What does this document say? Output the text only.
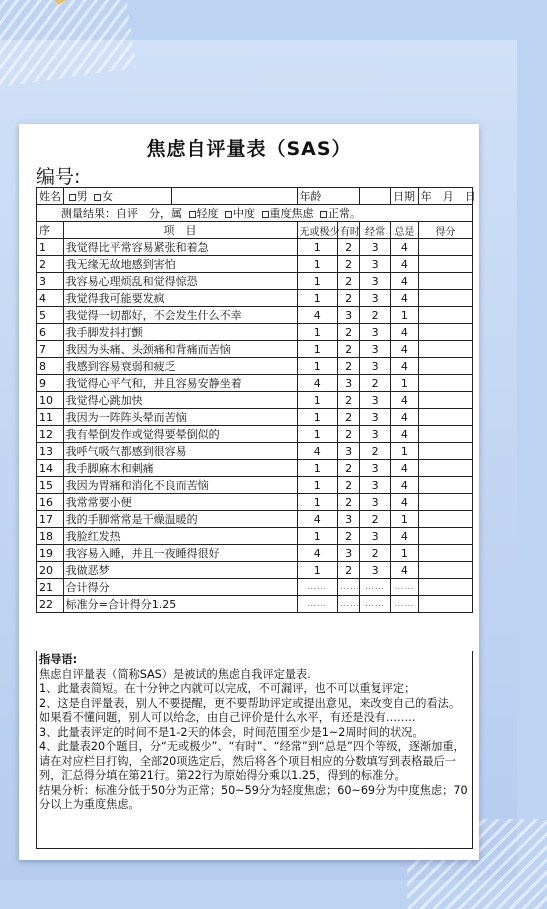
焦虑自评量表（SAS）
编号:
姓名	男 女		年龄			日期	年　 月　 日
测量结果：自评　分，属 轻度 中度 重度焦虑 正常。							
序	项　目		无或极少	有时	经常	总是	得分
1	我觉得比平常容易紧张和着急		1	2	3	4	
2	我无缘无故地感到害怕		1	2	3	4	
3	我容易心理烦乱和觉得惊恐		1	2	3	4	
4	我觉得我可能要发疯		1	2	3	4	
5	我觉得一切都好，不会发生什么不幸		4	3	2	1	
6	我手脚发抖打颤		1	2	3	4	
7	我因为头痛、头颈痛和背痛而苦恼		1	2	3	4	
8	我感到容易衰弱和疲乏		1	2	3	4	
9	我觉得心平气和，并且容易安静坐着		4	3	2	1	
10	我觉得心跳加快		1	2	3	4	
11	我因为一阵阵头晕而苦恼		1	2	3	4	
12	我有晕倒发作或觉得要晕倒似的		1	2	3	4	
13	我呼气吸气都感到很容易		4	3	2	1	
14	我手脚麻木和刺痛		1	2	3	4	
15	我因为胃痛和消化不良而苦恼		1	2	3	4	
16	我常常要小便		1	2	3	4	
17	我的手脚常常是干燥温暖的		4	3	2	1	
18	我脸红发热		1	2	3	4	
19	我容易入睡，并且一夜睡得很好		4	3	2	1	
20	我做恶梦		1	2	3	4	
21	合计得分		……	……	……	……	
22	标准分=合计得分1.25		……	……	……	……	

指导语:

焦虑自评量表（简称SAS）是被试的焦虑自我评定量表.

1、此量表简短。在十分钟之内就可以完成，不可漏评，也不可以重复评定；

2、这是自评量表，别人不要提醒，更不要帮助评定或提出意见，来改变自己的看法。如果看不懂问题，别人可以给念，由自己评价是什么水平，有还是没有……..

3、此量表评定的时间不是1-2天的体会，时间范围至少是1~2周时间的状况。

4、此量表20个题目，分“无或极少”、“有时”、“经常”到“总是”四个等级，逐渐加重，请在对应栏目打钩，全部20项选定后，然后将各个项目相应的分数填写到表格最后一列，汇总得分填在第21行。第22行为原始得分乘以1.25，得到的标准分。

结果分析：标准分低于50分为正常；50~59分为轻度焦虑；60~69分为中度焦虑；70分以上为重度焦虑。
